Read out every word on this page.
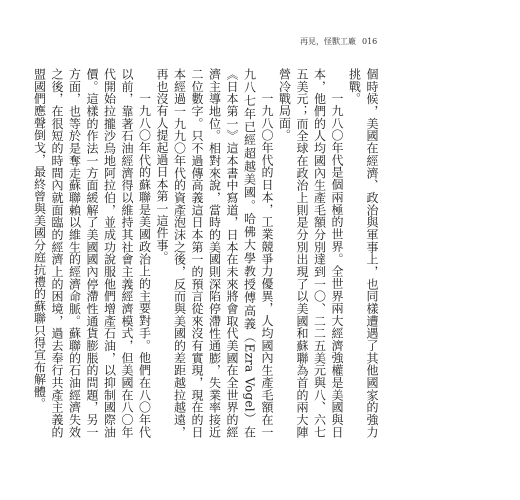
再見，怪獸工廠 016

個時候，美國在經濟、政治與軍事上，也同樣遭遇了其他國家的強力挑戰。

一九八〇年代是個兩極的世界。全世界兩大經濟強權是美國與日本，他們的人均國內生產毛額分別達到一〇、二二五美元與八、六七五美元；而全球在政治上則是分別出現了以美國和蘇聯為首的兩大陣營冷戰局面。

一九八〇年代的日本，工業競爭力優異，人均國內生產毛額在一九八七年已經超越美國。哈佛大學教授傅高義（Ezra Vogel）在《日本第一》這本書中寫道，日本在未來將會取代美國在全世界的經濟主導地位。相對來說，當時的美國則深陷停滯性通膨，失業率接近二位數字。只不過傳高義這日本第一的預言從來沒有實現，現在的日本經過一九九〇年代的資產泡沫之後，反而與美國的差距越拉越遠，再也沒有人提起過日本第一這件事。

一九八〇年代的蘇聯是美國政治上的主要對手。他們在八〇年代以前，靠著石油經濟得以維持其社會主義經濟模式，但美國在八〇年代開始拉攏沙烏地阿拉伯，並成功說服他們增產石油，以抑制國際油價。這樣的作法一方面緩解了美國國內停滯性通貨膨脹的問題，另一方面，也等於是奪走蘇聯賴以維生的經濟命脈。蘇聯的石油經濟失效之後，在很短的時間內就面臨的經濟上的困境，過去奉行共產主義的盟國們應聲倒戈，最終曾與美國分庭抗禮的蘇聯只得宣布解體。
